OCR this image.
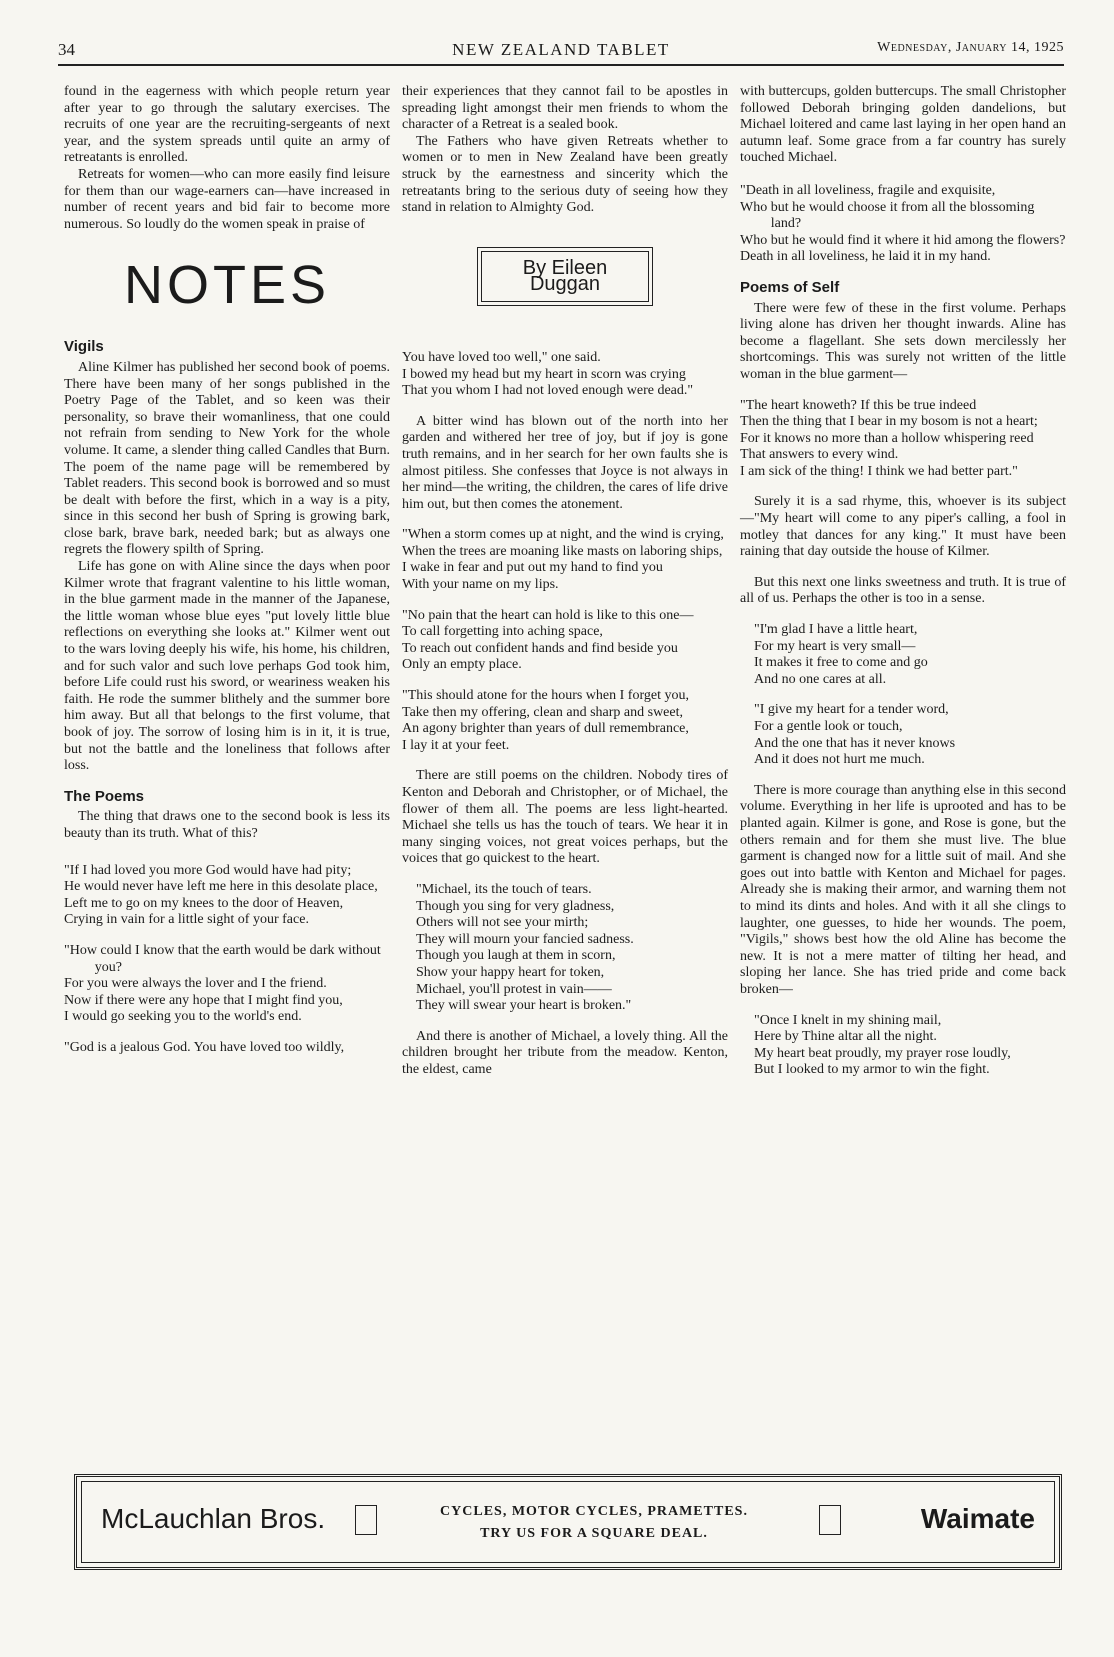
34	NEW ZEALAND TABLET	Wednesday, January 14, 1925

found in the eagerness with which people return year after year to go through the salutary exercises. The recruits of one year are the recruiting-sergeants of next year, and the system spreads until quite an army of retreatants is enrolled.

Retreats for women—who can more easily find leisure for them than our wage-earners can—have increased in number of recent years and bid fair to become more numerous. So loudly do the women speak in praise of

NOTES
Vigils

Aline Kilmer has published her second book of poems. There have been many of her songs published in the Poetry Page of the Tablet, and so keen was their personality, so brave their womanliness, that one could not refrain from sending to New York for the whole volume. It came, a slender thing called Candles that Burn. The poem of the name page will be remembered by Tablet readers. This second book is borrowed and so must be dealt with before the first, which in a way is a pity, since in this second her bush of Spring is growing bark, close bark, brave bark, needed bark; but as always one regrets the flowery spilth of Spring.

Life has gone on with Aline since the days when poor Kilmer wrote that fragrant valentine to his little woman, in the blue garment made in the manner of the Japanese, the little woman whose blue eyes "put lovely little blue reflections on everything she looks at." Kilmer went out to the wars loving deeply his wife, his home, his children, and for such valor and such love perhaps God took him, before Life could rust his sword, or weariness weaken his faith. He rode the summer blithely and the summer bore him away. But all that belongs to the first volume, that book of joy. The sorrow of losing him is in it, it is true, but not the battle and the loneliness that follows after loss.

The Poems

The thing that draws one to the second book is less its beauty than its truth. What of this?

"If I had loved you more God would have had pity;
He would never have left me here in this desolate place,
Left me to go on my knees to the door of Heaven,
Crying in vain for a little sight of your face.
"How could I know that the earth would be dark without you?
For you were always the lover and I the friend.
Now if there were any hope that I might find you,
I would go seeking you to the world's end.
"God is a jealous God. You have loved too wildly,

their experiences that they cannot fail to be apostles in spreading light amongst their men friends to whom the character of a Retreat is a sealed book.

The Fathers who have given Retreats whether to women or to men in New Zealand have been greatly struck by the earnestness and sincerity which the retreatants bring to the serious duty of seeing how they stand in relation to Almighty God.

By Eileen Duggan
You have loved too well," one said.
I bowed my head but my heart in scorn was crying
That you whom I had not loved enough were dead."

A bitter wind has blown out of the north into her garden and withered her tree of joy, but if joy is gone truth remains, and in her search for her own faults she is almost pitiless. She confesses that Joyce is not always in her mind—the writing, the children, the cares of life drive him out, but then comes the atonement.

"When a storm comes up at night, and the wind is crying,
When the trees are moaning like masts on laboring ships,
I wake in fear and put out my hand to find you
With your name on my lips.
"No pain that the heart can hold is like to this one—
To call forgetting into aching space,
To reach out confident hands and find beside you
Only an empty place.
"This should atone for the hours when I forget you,
Take then my offering, clean and sharp and sweet,
An agony brighter than years of dull remembrance,
I lay it at your feet.

There are still poems on the children. Nobody tires of Kenton and Deborah and Christopher, or of Michael, the flower of them all. The poems are less light-hearted. Michael she tells us has the touch of tears. We hear it in many singing voices, not great voices perhaps, but the voices that go quickest to the heart.

"Michael, its the touch of tears.
Though you sing for very gladness,
Others will not see your mirth;
They will mourn your fancied sadness.
Though you laugh at them in scorn,
Show your happy heart for token,
Michael, you'll protest in vain——
They will swear your heart is broken."

And there is another of Michael, a lovely thing. All the children brought her tribute from the meadow. Kenton, the eldest, came

with buttercups, golden buttercups. The small Christopher followed Deborah bringing golden dandelions, but Michael loitered and came last laying in her open hand an autumn leaf. Some grace from a far country has surely touched Michael.

"Death in all loveliness, fragile and exquisite,
Who but he would choose it from all the blossoming land?
Who but he would find it where it hid among the flowers?
Death in all loveliness, he laid it in my hand.
Poems of Self

There were few of these in the first volume. Perhaps living alone has driven her thought inwards. Aline has become a flagellant. She sets down mercilessly her shortcomings. This was surely not written of the little woman in the blue garment—

"The heart knoweth? If this be true indeed
Then the thing that I bear in my bosom is not a heart;
For it knows no more than a hollow whispering reed
That answers to every wind.
I am sick of the thing! I think we had better part."

Surely it is a sad rhyme, this, whoever is its subject—"My heart will come to any piper's calling, a fool in motley that dances for any king." It must have been raining that day outside the house of Kilmer.

But this next one links sweetness and truth. It is true of all of us. Perhaps the other is too in a sense.

"I'm glad I have a little heart,
For my heart is very small—
It makes it free to come and go
And no one cares at all.
"I give my heart for a tender word,
For a gentle look or touch,
And the one that has it never knows
And it does not hurt me much.

There is more courage than anything else in this second volume. Everything in her life is uprooted and has to be planted again. Kilmer is gone, and Rose is gone, but the others remain and for them she must live. The blue garment is changed now for a little suit of mail. And she goes out into battle with Kenton and Michael for pages. Already she is making their armor, and warning them not to mind its dints and holes. And with it all she clings to laughter, one guesses, to hide her wounds. The poem, "Vigils," shows best how the old Aline has become the new. It is not a mere matter of tilting her head, and sloping her lance. She has tried pride and come back broken—

"Once I knelt in my shining mail,
Here by Thine altar all the night.
My heart beat proudly, my prayer rose loudly,
But I looked to my armor to win the fight.
McLauchlan Bros.	CYCLES, MOTOR CYCLES, PRAMETTES.
TRY US FOR A SQUARE DEAL.	Waimate
